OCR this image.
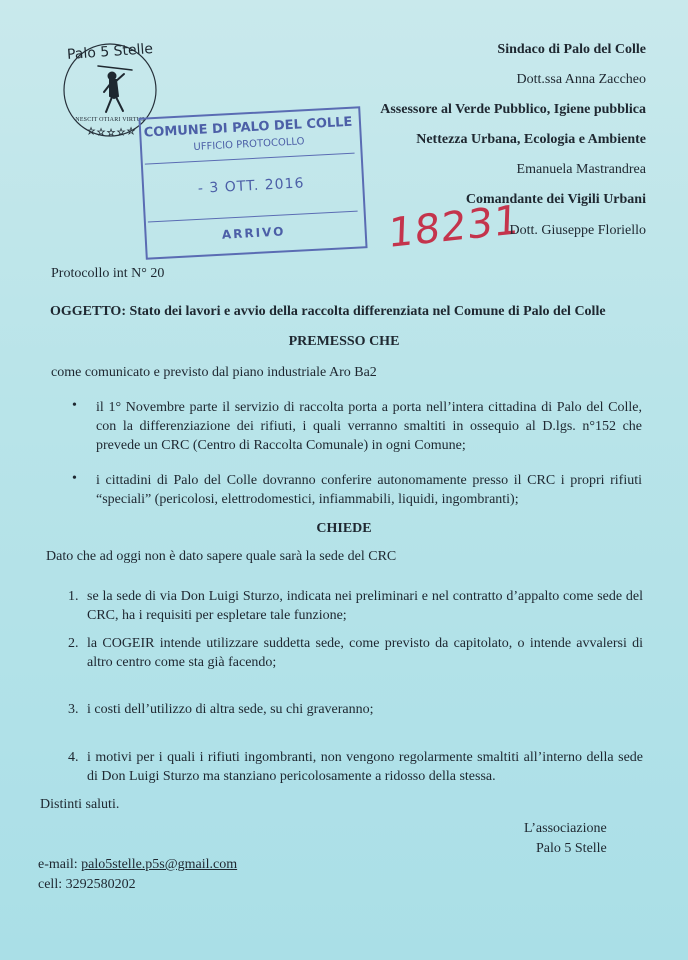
Palo 5 Stelle
NESCIT OTIARI VIRTUS
★ ★ ★ ★ ★ COMUNE DI PALO DEL COLLE
UFFICIO PROTOCOLLO
- 3 OTT. 2016
ARRIVO	18231
Sindaco di Palo del Colle
Dott.ssa Anna Zaccheo
Assessore al Verde Pubblico, Igiene pubblica
Nettezza Urbana, Ecologia e Ambiente
Emanuela Mastrandrea
Comandante dei Vigili Urbani
Dott. Giuseppe Floriello
Protocollo int N° 20
OGGETTO: Stato dei lavori e avvio della raccolta differenziata nel Comune di Palo del Colle
PREMESSO CHE
come comunicato e previsto dal piano industriale Aro Ba2
• il 1° Novembre parte il servizio di raccolta porta a porta nell’intera cittadina di Palo del Colle, con la differenziazione dei rifiuti, i quali verranno smaltiti in ossequio al D.lgs. n°152 che prevede un CRC (Centro di Raccolta Comunale) in ogni Comune;
• i cittadini di Palo del Colle dovranno conferire autonomamente presso il CRC i propri rifiuti “speciali” (pericolosi, elettrodomestici, infiammabili, liquidi, ingombranti);
CHIEDE
Dato che ad oggi non è dato sapere quale sarà la sede del CRC
1. se la sede di via Don Luigi Sturzo, indicata nei preliminari e nel contratto d’appalto come sede del CRC, ha i requisiti per espletare tale funzione;
2. la COGEIR intende utilizzare suddetta sede, come previsto da capitolato, o intende avvalersi di altro centro come sta già facendo;
3. i costi dell’utilizzo di altra sede, su chi graveranno;
4. i motivi per i quali i rifiuti ingombranti, non vengono regolarmente smaltiti all’interno della sede di Don Luigi Sturzo ma stanziano pericolosamente a ridosso della stessa.
Distinti saluti.
L’associazione
Palo 5 Stelle
e-mail: palo5stelle.p5s@gmail.com
cell: 3292580202
